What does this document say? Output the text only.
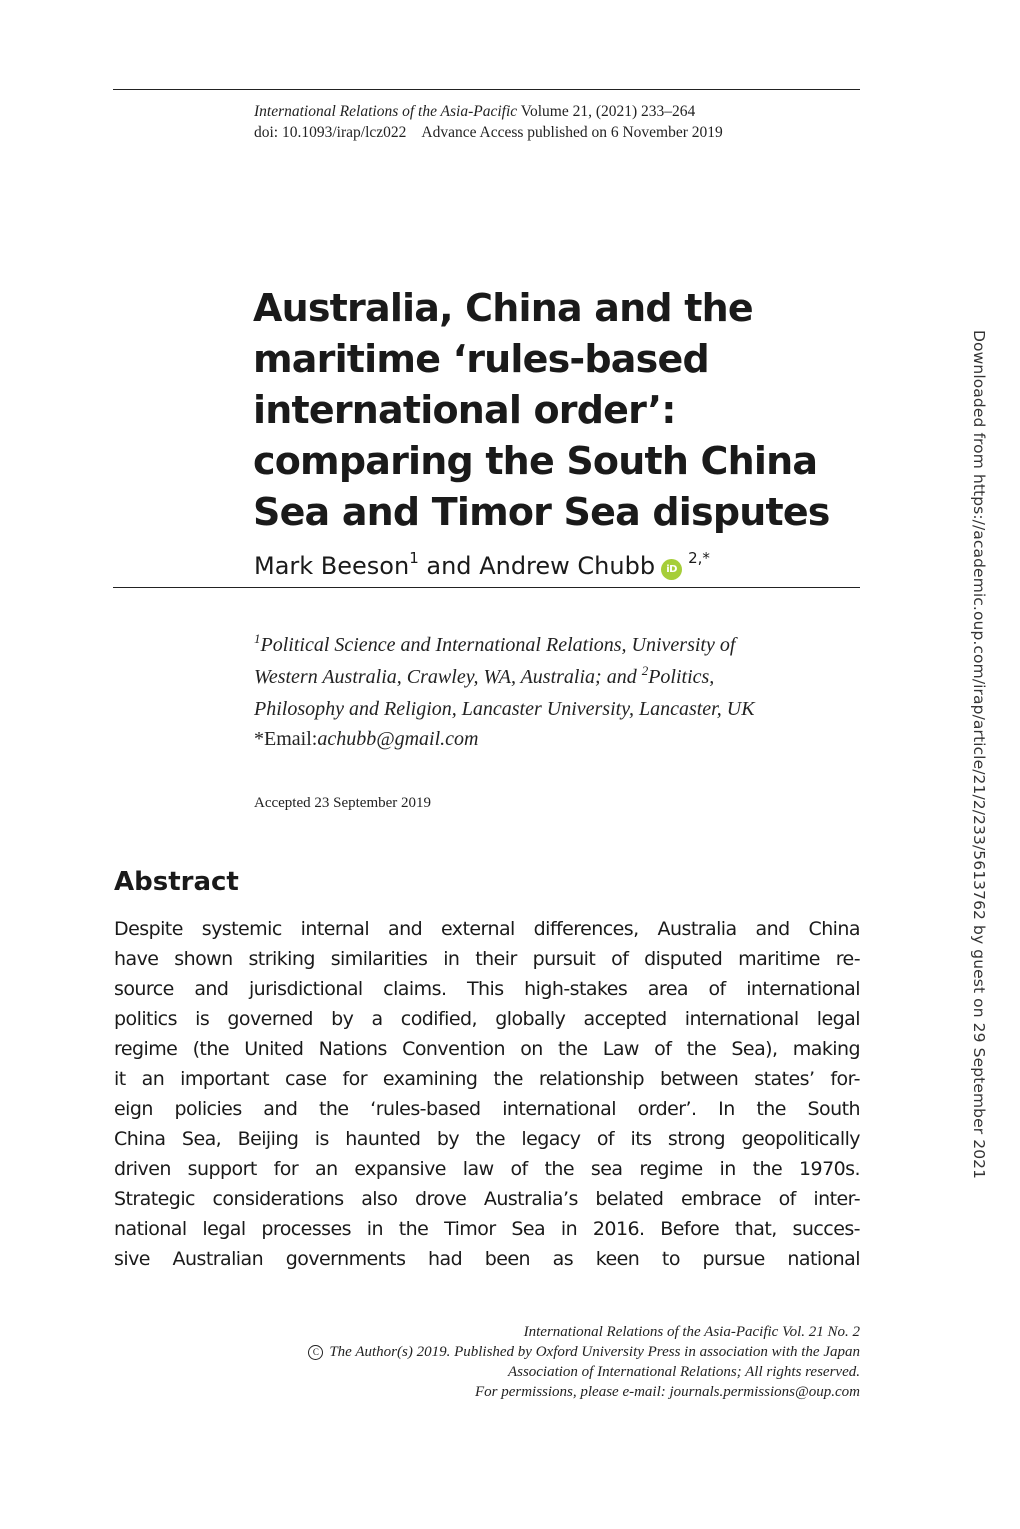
International Relations of the Asia-Pacific Volume 21, (2021) 233–264
doi: 10.1093/irap/lcz022 Advance Access published on 6 November 2019
Australia, China and the
maritime ‘rules-based
international order’:
comparing the South China
Sea and Timor Sea disputes
Mark Beeson$^1$ and Andrew Chubb $iD^{2,*}$
$^1$Political Science and International Relations, University of
Western Australia, Crawley, WA, Australia; and $^2$Politics,
Philosophy and Religion, Lancaster University, Lancaster, UK
*Email:achubb@gmail.com
Accepted 23 September 2019
Abstract
Despite systemic internal and external differences, Australia and China
have shown striking similarities in their pursuit of disputed maritime re-
source and jurisdictional claims. This high-stakes area of international
politics is governed by a codified, globally accepted international legal
regime (the United Nations Convention on the Law of the Sea), making
it an important case for examining the relationship between states’ for-
eign policies and the ‘rules-based international order’. In the South
China Sea, Beijing is haunted by the legacy of its strong geopolitically
driven support for an expansive law of the sea regime in the 1970s.
Strategic considerations also drove Australia’s belated embrace of inter-
national legal processes in the Timor Sea in 2016. Before that, succes-
sive Australian governments had been as keen to pursue national
International Relations of the Asia-Pacific Vol. 21 No. 2
C The Author(s) 2019. Published by Oxford University Press in association with the Japan
Association of International Relations; All rights reserved.
For permissions, please e-mail: journals.permissions@oup.com
Downloaded from https://academic.oup.com/irap/article/21/2/233/5613762 by guest on 29 September 2021
